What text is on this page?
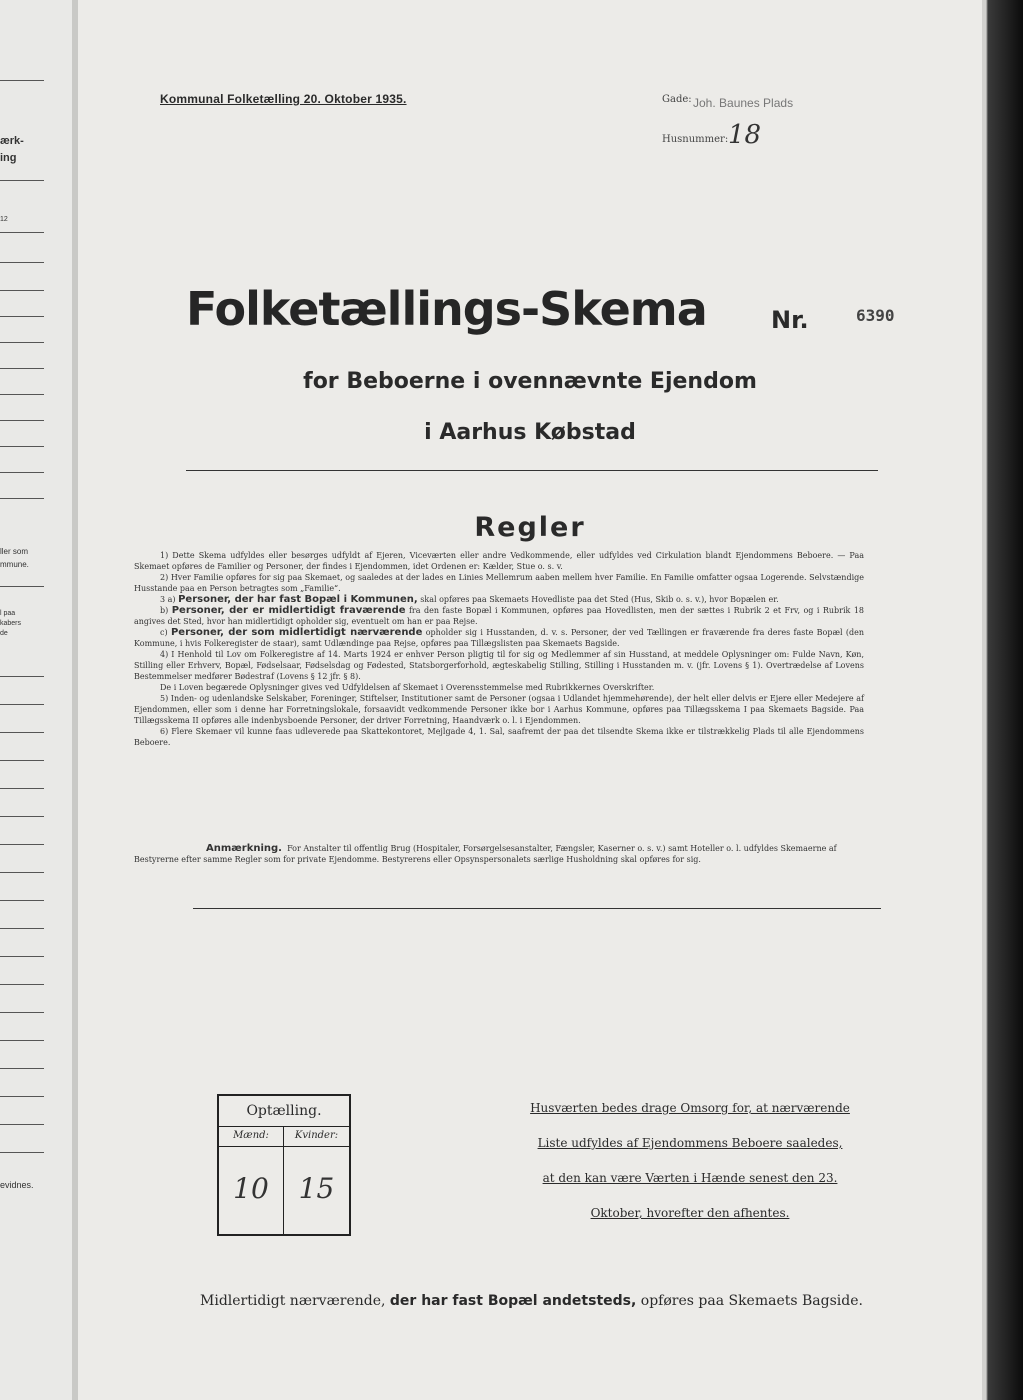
ærk-
ing
12
ller som
mmune.
l paa
kabers
de
evidnes.
Kommunal Folketælling 20. Oktober 1935.	Gade: Joh. Baunes Plads
Husnummer: 18
Folketællings-Skema	Nr.	6390
for Beboerne i ovennævnte Ejendom
i Aarhus Købstad
Regler

1) Dette Skema udfyldes eller besørges udfyldt af Ejeren, Viceværten eller andre Vedkommende, eller udfyldes ved Cirkulation blandt Ejendommens Beboere. — Paa Skemaet opføres de Familier og Personer, der findes i Ejendommen, idet Ordenen er: Kælder, Stue o. s. v.

2) Hver Familie opføres for sig paa Skemaet, og saaledes at der lades en Linies Mellemrum aaben mellem hver Familie. En Familie omfatter ogsaa Logerende. Selvstændige Husstande paa en Person betragtes som „Familie“.

3 a) Personer, der har fast Bopæl i Kommunen, skal opføres paa Skemaets Hovedliste paa det Sted (Hus, Skib o. s. v.), hvor Bopælen er.

b) Personer, der er midlertidigt fraværende fra den faste Bopæl i Kommunen, opføres paa Hovedlisten, men der sættes i Rubrik 2 et Frv, og i Rubrik 18 angives det Sted, hvor han midlertidigt opholder sig, eventuelt om han er paa Rejse.

c) Personer, der som midlertidigt nærværende opholder sig i Husstanden, d. v. s. Personer, der ved Tællingen er fraværende fra deres faste Bopæl (den Kommune, i hvis Folkeregister de staar), samt Udlændinge paa Rejse, opføres paa Tillægslisten paa Skemaets Bagside.

4) I Henhold til Lov om Folkeregistre af 14. Marts 1924 er enhver Person pligtig til for sig og Medlemmer af sin Husstand, at meddele Oplysninger om: Fulde Navn, Køn, Stilling eller Erhverv, Bopæl, Fødselsaar, Fødselsdag og Fødested, Statsborgerforhold, ægteskabelig Stilling, Stilling i Husstanden m. v. (jfr. Lovens § 1). Overtrædelse af Lovens Bestemmelser medfører Bødestraf (Lovens § 12 jfr. § 8).

De i Loven begærede Oplysninger gives ved Udfyldelsen af Skemaet i Overensstemmelse med Rubrikkernes Overskrifter.

5) Inden- og udenlandske Selskaber, Foreninger, Stiftelser, Institutioner samt de Personer (ogsaa i Udlandet hjemmehørende), der helt eller delvis er Ejere eller Medejere af Ejendommen, eller som i denne har Forretningslokale, forsaavidt vedkommende Personer ikke bor i Aarhus Kommune, opføres paa Tillægsskema I paa Skemaets Bagside. Paa Tillægsskema II opføres alle indenbysboende Personer, der driver Forretning, Haandværk o. l. i Ejendommen.

6) Flere Skemaer vil kunne faas udleverede paa Skattekontoret, Mejlgade 4, 1. Sal, saafremt der paa det tilsendte Skema ikke er tilstrækkelig Plads til alle Ejendommens Beboere.

Anmærkning. For Anstalter til offentlig Brug (Hospitaler, Forsørgelsesanstalter, Fængsler, Kaserner o. s. v.) samt Hoteller o. l. udfyldes Skemaerne af Bestyrerne efter samme Regler som for private Ejendomme. Bestyrerens eller Opsynspersonalets særlige Husholdning skal opføres for sig.
Optælling.
Mænd:
10
Kvinder:
15
Husværten bedes drage Omsorg for, at nærværende
Liste udfyldes af Ejendommens Beboere saaledes,
at den kan være Værten i Hænde senest den 23.
Oktober, hvorefter den afhentes.
Midlertidigt nærværende, der har fast Bopæl andetsteds, opføres paa Skemaets Bagside.
